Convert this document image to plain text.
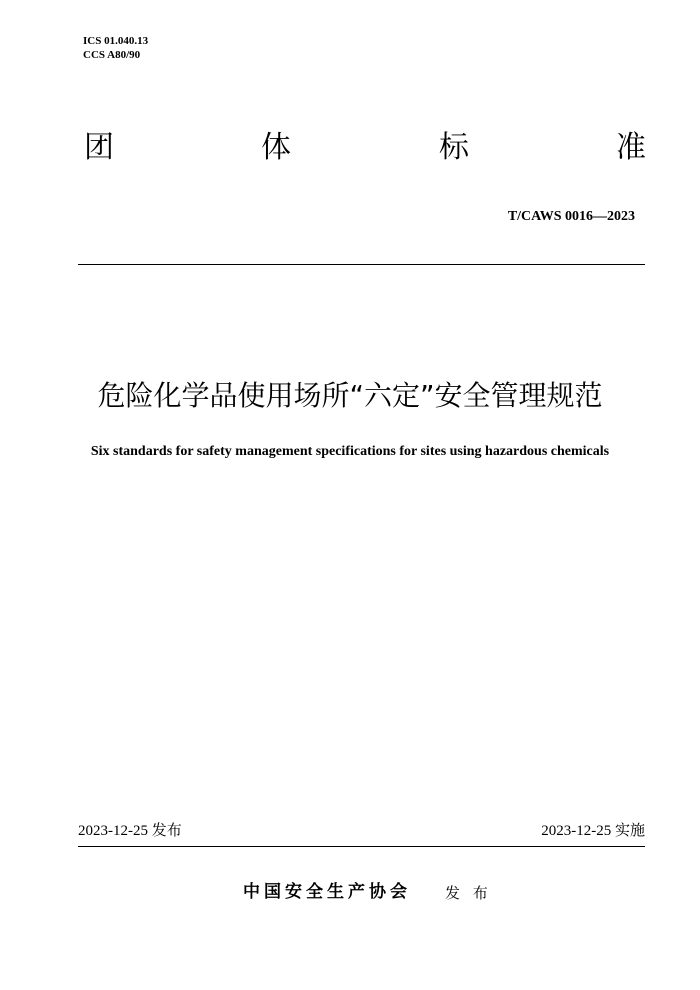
ICS 01.040.13
CCS A80/90
团	体	标	准
T/CAWS 0016—2023
危险化学品使用场所“六定”安全管理规范
Six standards for safety management specifications for sites using hazardous chemicals
2023-12-25 发布	2023-12-25 实施
中国安全生产协会 发 布
